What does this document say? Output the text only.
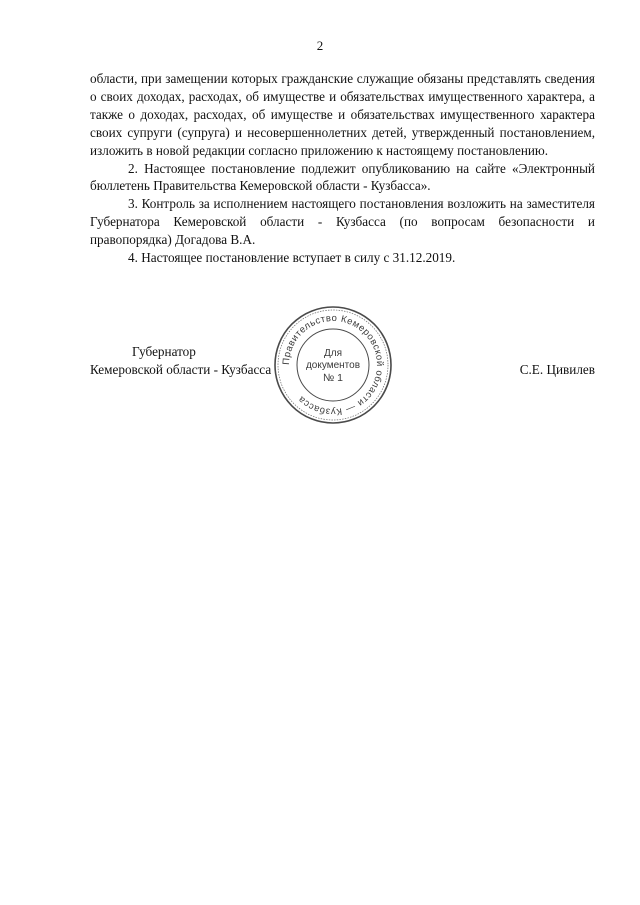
2

области, при замещении которых гражданские служащие обязаны представлять сведения о своих доходах, расходах, об имуществе и обязательствах имущественного характера, а также о доходах, расходах, об имуществе и обязательствах имущественного характера своих супруги (супруга) и несовершеннолетних детей, утвержденный постановлением, изложить в новой редакции согласно приложению к настоящему постановлению.

2. Настоящее постановление подлежит опубликованию на сайте «Электронный бюллетень Правительства Кемеровской области - Кузбасса».

3. Контроль за исполнением настоящего постановления возложить на заместителя Губернатора Кемеровской области - Кузбасса (по вопросам безопасности и правопорядка) Догадова В.А.

4. Настоящее постановление вступает в силу с 31.12.2019.

Губернатор
Кемеровской области - Кузбасса	С.Е. Цивилев
Правительство Кемеровской области — Кузбасса
Для
документов
№ 1
